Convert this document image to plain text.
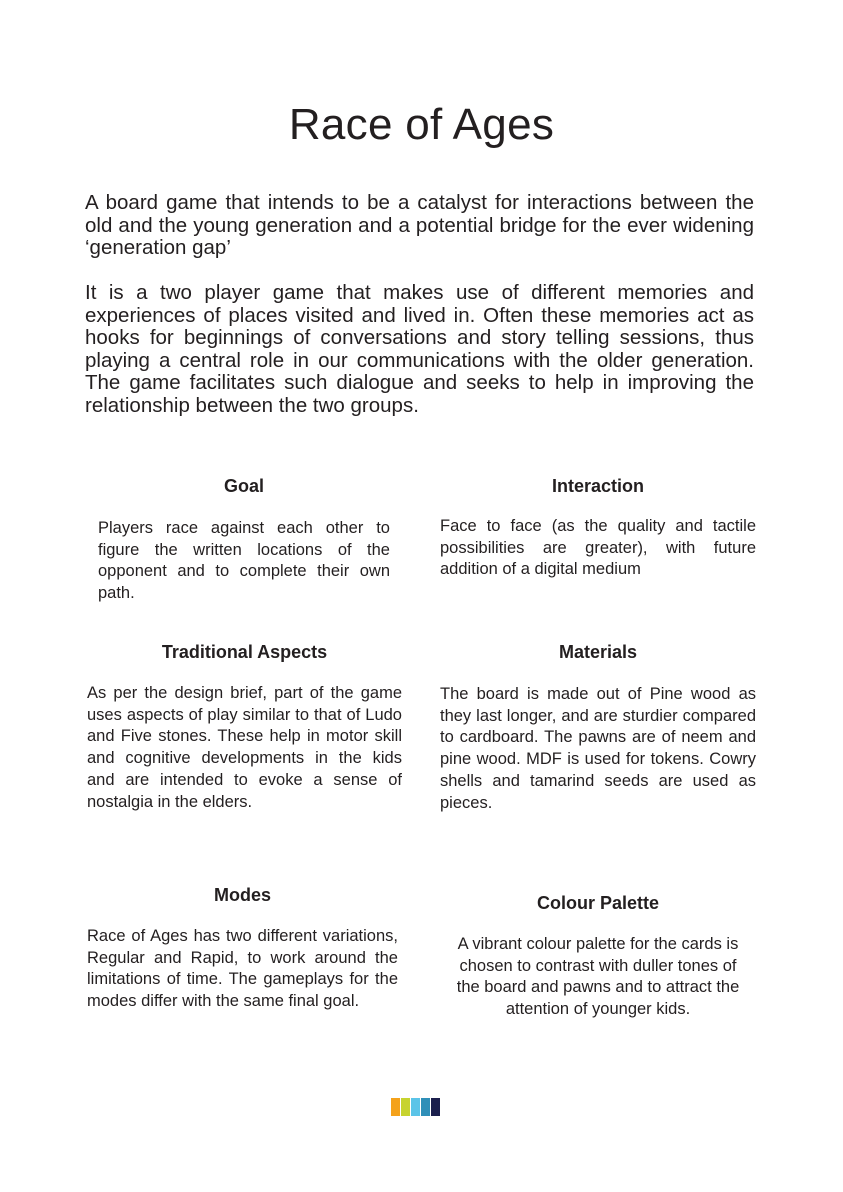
Race of Ages

A board game that intends to be a catalyst for interactions between the old and the young generation and a potential bridge for the ever widening ‘generation gap’

It is a two player game that makes use of different memories and experiences of places visited and lived in. Often these memories act as hooks for beginnings of conversations and story telling sessions, thus playing a central role in our communications with the older generation. The game facilitates such dialogue and seeks to help in improving the relationship between the two groups.

Goal

Players race against each other to figure the written locations of the opponent and to complete their own path.

Interaction

Face to face (as the quality and tactile possibilities are greater), with future addition of a digital medium

Traditional Aspects

As per the design brief, part of the game uses aspects of play similar to that of Ludo and Five stones. These help in motor skill and cognitive developments in the kids and are intended to evoke a sense of nostalgia in the elders.

Materials

The board is made out of Pine wood as they last longer, and are sturdier compared to cardboard. The pawns are of neem and pine wood. MDF is used for tokens. Cowry shells and tamarind seeds are used as pieces.

Modes

Race of Ages has two different variations, Regular and Rapid, to work around the limitations of time. The gameplays for the modes differ with the same final goal.

Colour Palette

A vibrant colour palette for the cards is chosen to contrast with duller tones of the board and pawns and to attract the attention of younger kids.
